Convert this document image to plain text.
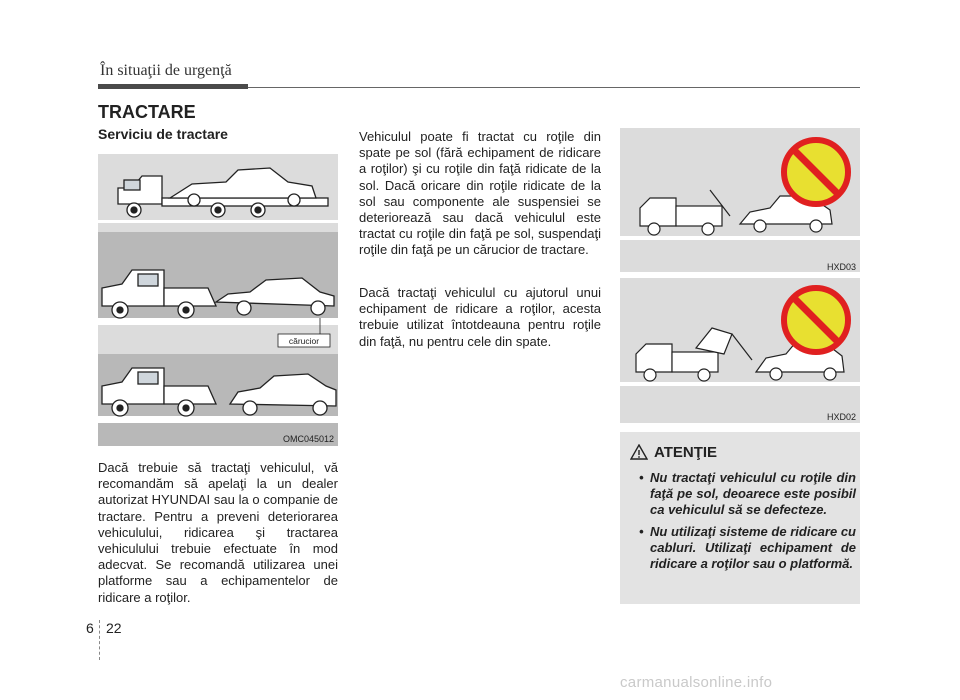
În situaţii de urgenţă
TRACTARE
Serviciu de tractare
cărucior
OMC045012
Dacă trebuie să tractaţi vehiculul, vă recomandăm să apelaţi la un dealer autorizat HYUNDAI sau la o companie de tractare. Pentru a preveni deteriorarea vehiculului, ridicarea şi tractarea vehiculului trebuie efectuate în mod adecvat. Se recomandă utilizarea unei platforme sau a echipamentelor de ridicare a roţilor.
Vehiculul poate fi tractat cu roţile din spate pe sol (fără echipament de ridicare a roţilor) şi cu roţile din faţă ridicate de la sol. Dacă oricare din roţile ridicate de la sol sau componente ale suspensiei se deteriorează sau dacă vehiculul este tractat cu roţile din faţă pe sol, suspendaţi roţile din faţă pe un cărucior de tractare.
Dacă tractaţi vehiculul cu ajutorul unui echipament de ridicare a roţilor, acesta trebuie utilizat întotdeauna pentru roţile din faţă, nu pentru cele din spate.
HXD03
HXD02
ATENŢIE
• Nu tractaţi vehiculul cu roţile din faţă pe sol, deoarece este posibil ca vehiculul să se defecteze.
• Nu utilizaţi sisteme de ridicare cu cabluri. Utilizaţi echipament de ridicare a roţilor sau o platformă.
6 22
carmanualsonline.info
